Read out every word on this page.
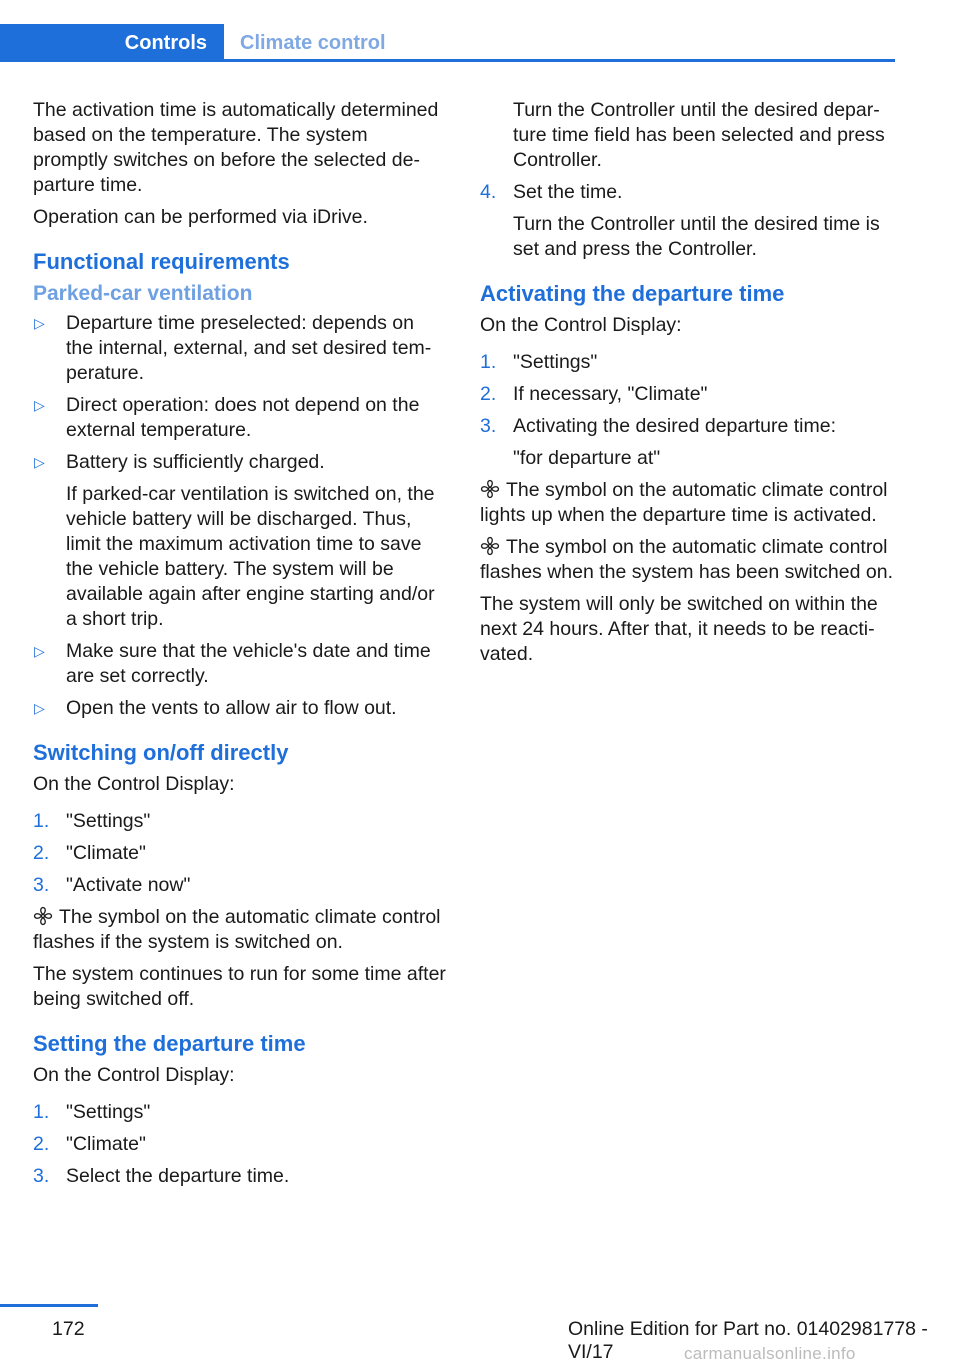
Controls	Climate control

The activation time is automatically determined based on the temperature. The system promptly switches on before the selected departure time.

Operation can be performed via iDrive.

Functional requirements
Parked-car ventilation
▷ Departure time preselected: depends on the internal, external, and set desired temperature.
▷ Direct operation: does not depend on the external temperature.
▷ Battery is sufficiently charged.
If parked-car ventilation is switched on, the vehicle battery will be discharged. Thus, limit the maximum activation time to save the vehicle battery. The system will be available again after engine starting and/or a short trip.
▷ Make sure that the vehicle's date and time are set correctly.
▷ Open the vents to allow air to flow out.
Switching on/off directly

On the Control Display:

1. "Settings"
2. "Climate"
3. "Activate now"

The symbol on the automatic climate control flashes if the system is switched on.

The system continues to run for some time after being switched off.

Setting the departure time

On the Control Display:

1. "Settings"
2. "Climate"
3. Select the departure time.
Turn the Controller until the desired departure time field has been selected and press Controller.
4. Set the time.
Turn the Controller until the desired time is set and press the Controller.
Activating the departure time

On the Control Display:

1. "Settings"
2. If necessary, "Climate"
3. Activating the desired departure time:
"for departure at"

The symbol on the automatic climate control lights up when the departure time is activated.

The symbol on the automatic climate control flashes when the system has been switched on.

The system will only be switched on within the next 24 hours. After that, it needs to be reactivated.

172	Online Edition for Part no. 01402981778 - VI/17	carmanualsonline.info
